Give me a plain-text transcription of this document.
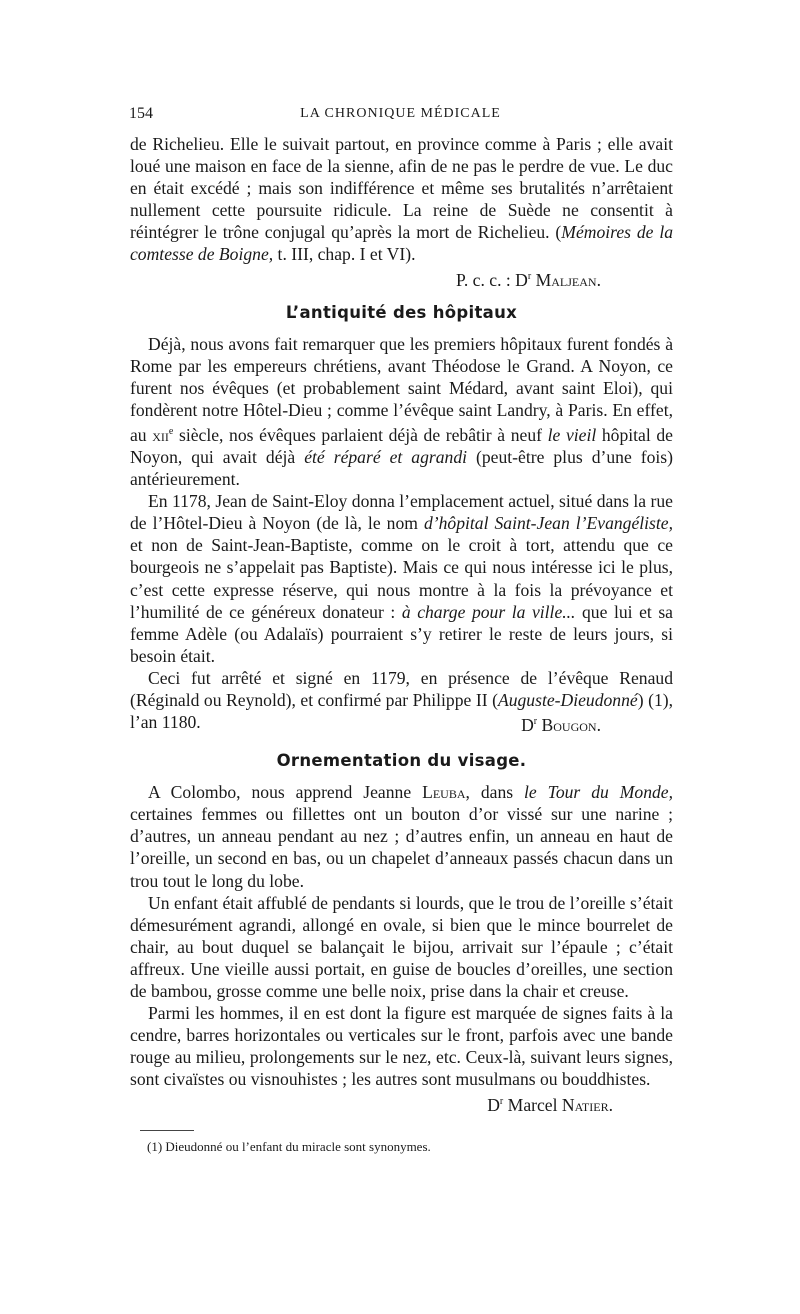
154	LA CHRONIQUE MÉDICALE

de Richelieu. Elle le suivait partout, en province comme à Paris ; elle avait loué une maison en face de la sienne, afin de ne pas le perdre de vue. Le duc en était excédé ; mais son indifférence et même ses brutalités n’arrêtaient nullement cette poursuite ridicule. La reine de Suède ne consentit à réintégrer le trône conjugal qu’après la mort de Richelieu. (Mémoires de la comtesse de Boigne, t. III, chap. I et VI).

P. c. c. : $D^r$ Maljean.

L’antiquité des hôpitaux

Déjà, nous avons fait remarquer que les premiers hôpitaux furent fondés à Rome par les empereurs chrétiens, avant Théodose le Grand. A Noyon, ce furent nos évêques (et probablement saint Médard, avant saint Eloi), qui fondèrent notre Hôtel-Dieu ; comme l’évêque saint Landry, à Paris. En effet, au xii$^e$ siècle, nos évêques parlaient déjà de rebâtir à neuf le vieil hôpital de Noyon, qui avait déjà été réparé et agrandi (peut-être plus d’une fois) antérieurement.

En 1178, Jean de Saint-Eloy donna l’emplacement actuel, situé dans la rue de l’Hôtel-Dieu à Noyon (de là, le nom d’hôpital Saint-Jean l’Evangéliste, et non de Saint-Jean-Baptiste, comme on le croit à tort, attendu que ce bourgeois ne s’appelait pas Baptiste). Mais ce qui nous intéresse ici le plus, c’est cette expresse réserve, qui nous montre à la fois la prévoyance et l’humilité de ce généreux donateur : à charge pour la ville... que lui et sa femme Adèle (ou Adalaïs) pourraient s’y retirer le reste de leurs jours, si besoin était.

Ceci fut arrêté et signé en 1179, en présence de l’évêque Renaud (Réginald ou Reynold), et confirmé par Philippe II (Auguste-Dieudonné) (1), l’an 1180.	$D^r$ Bougon.

Ornementation du visage.

A Colombo, nous apprend Jeanne Leuba, dans le Tour du Monde, certaines femmes ou fillettes ont un bouton d’or vissé sur une narine ; d’autres, un anneau pendant au nez ; d’autres enfin, un anneau en haut de l’oreille, un second en bas, ou un chapelet d’anneaux passés chacun dans un trou tout le long du lobe.

Un enfant était affublé de pendants si lourds, que le trou de l’oreille s’était démesurément agrandi, allongé en ovale, si bien que le mince bourrelet de chair, au bout duquel se balançait le bijou, arrivait sur l’épaule ; c’était affreux. Une vieille aussi portait, en guise de boucles d’oreilles, une section de bambou, grosse comme une belle noix, prise dans la chair et creuse.

Parmi les hommes, il en est dont la figure est marquée de signes faits à la cendre, barres horizontales ou verticales sur le front, parfois avec une bande rouge au milieu, prolongements sur le nez, etc. Ceux-là, suivant leurs signes, sont civaïstes ou visnouhistes ; les autres sont musulmans ou bouddhistes.

$D^r$ Marcel Natier.

(1) Dieudonné ou l’enfant du miracle sont synonymes.
